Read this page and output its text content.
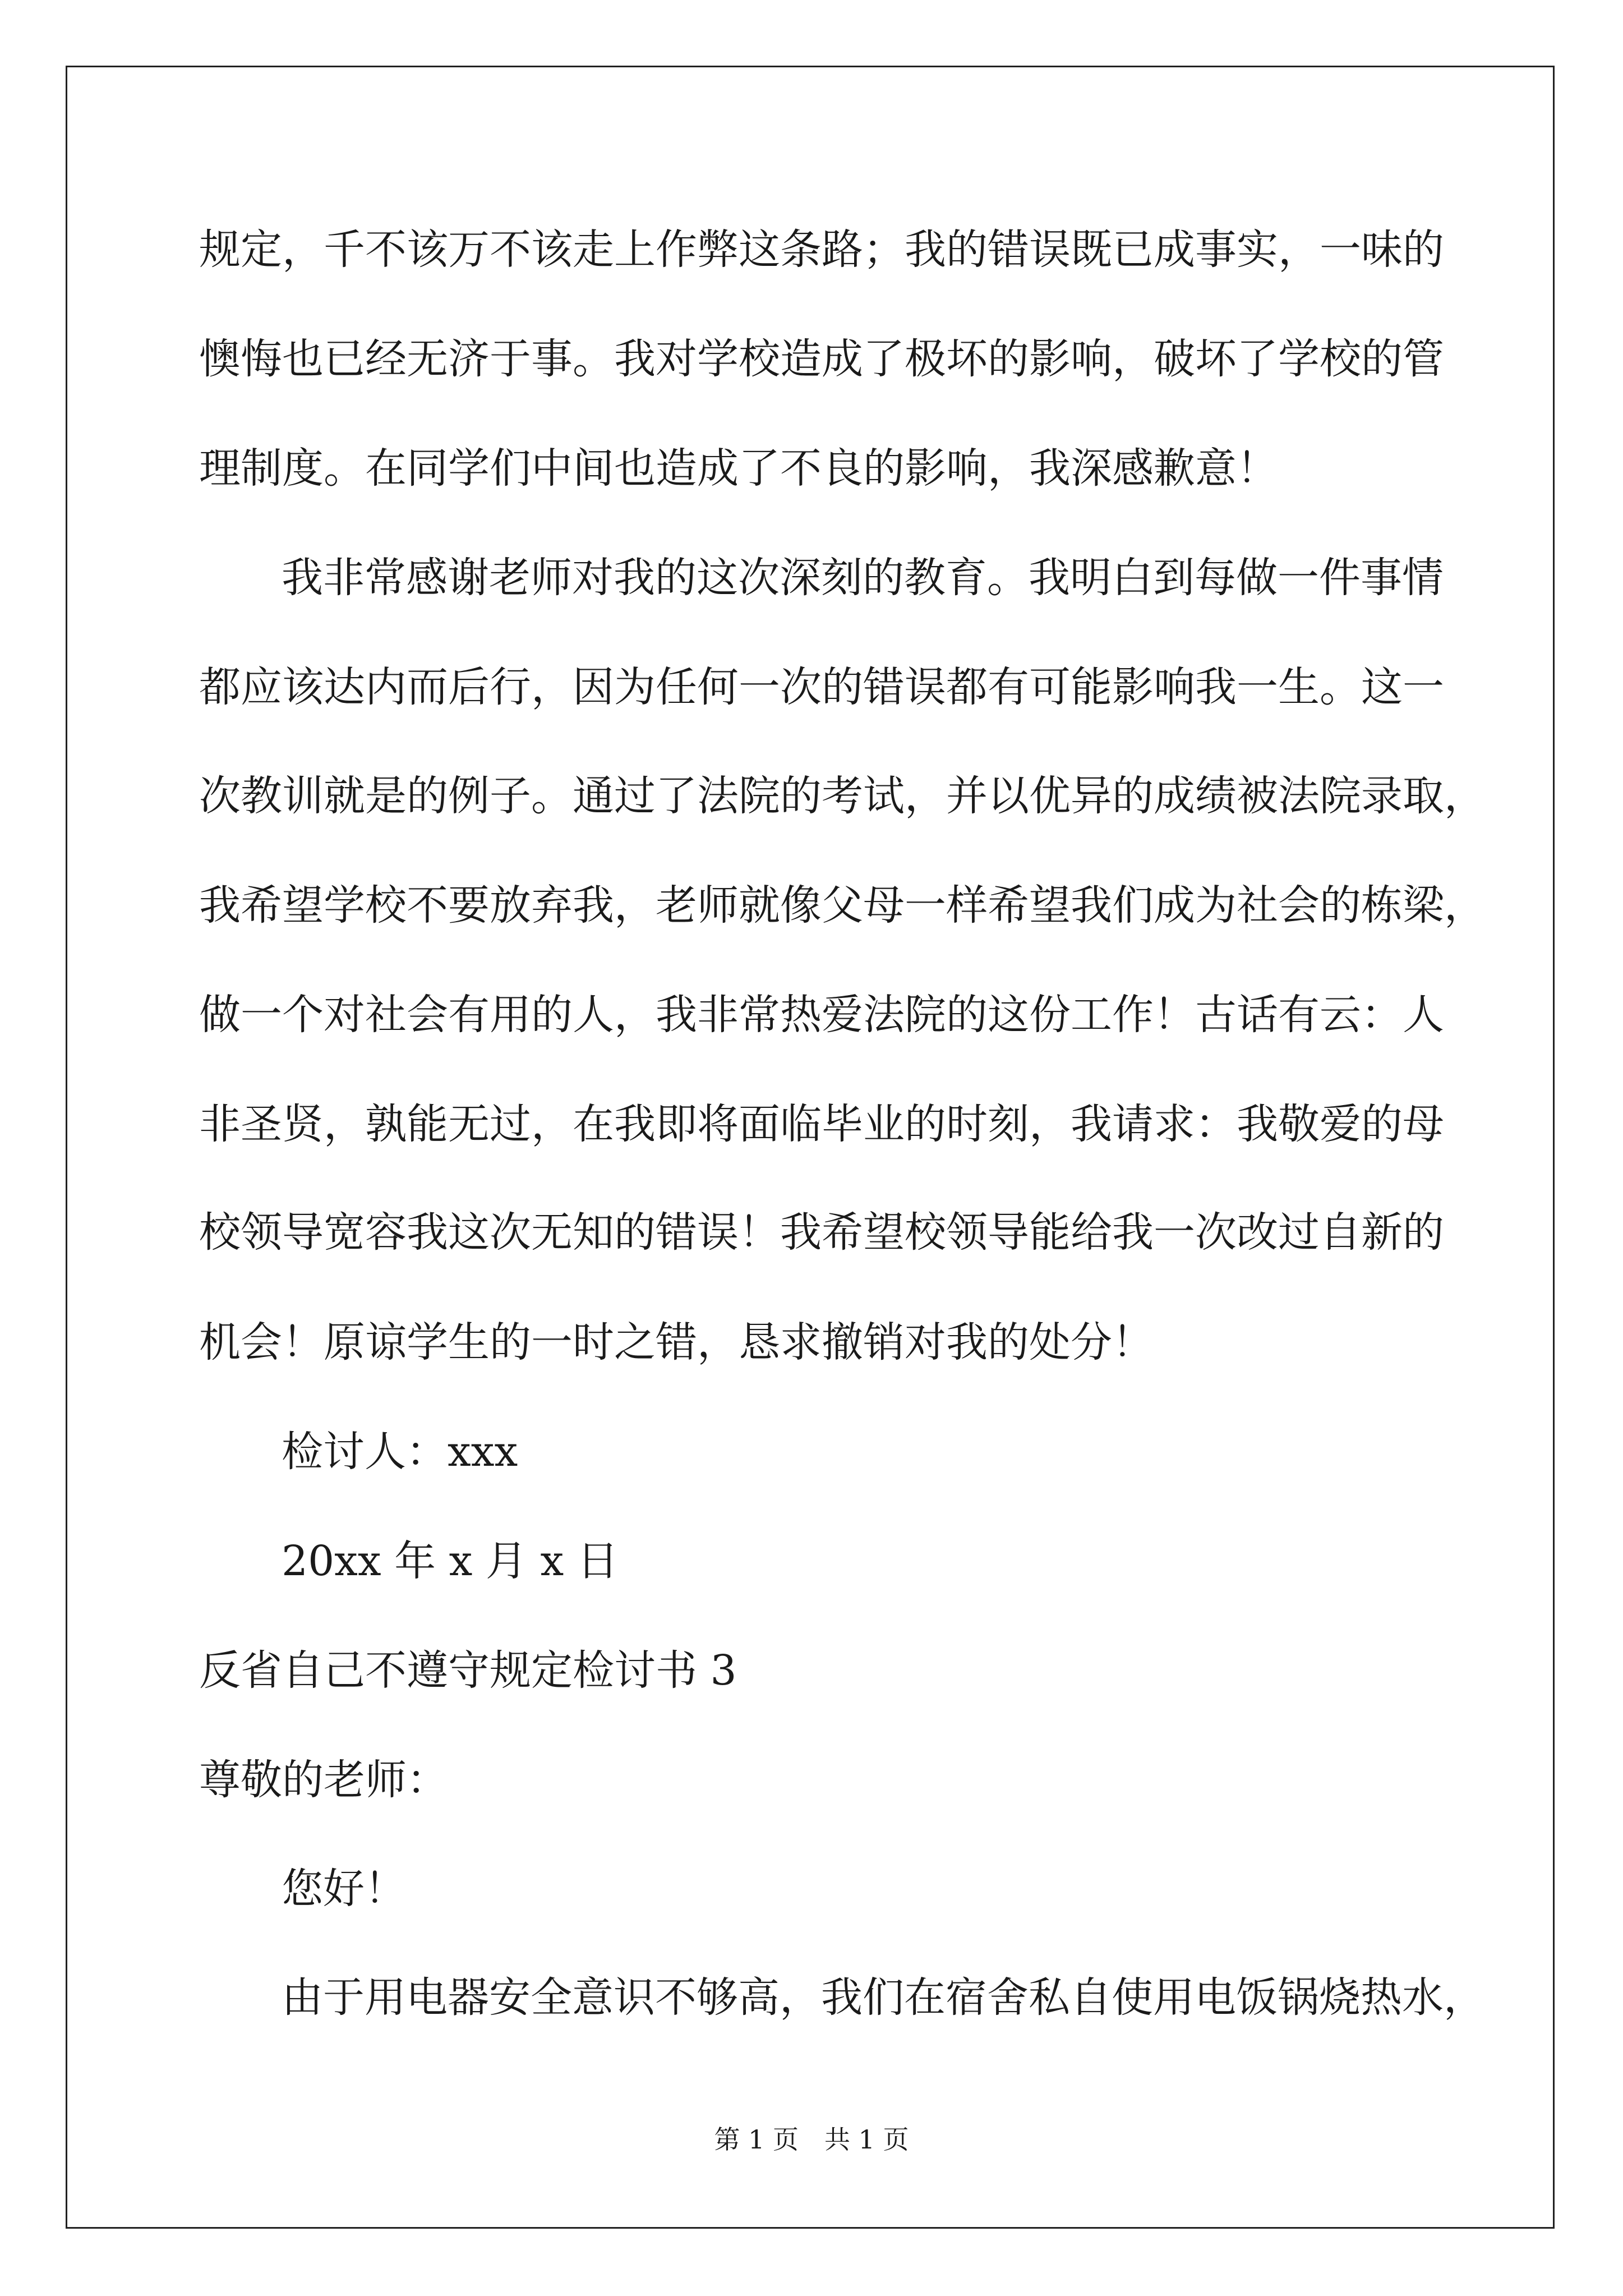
规定，千不该万不该走上作弊这条路；我的错误既已成事实，一味的

懊悔也已经无济于事。我对学校造成了极坏的影响，破坏了学校的管

理制度。在同学们中间也造成了不良的影响，我深感歉意！

我非常感谢老师对我的这次深刻的教育。我明白到每做一件事情

都应该达内而后行，因为任何一次的错误都有可能影响我一生。这一

次教训就是的例子。通过了法院的考试，并以优异的成绩被法院录取，

我希望学校不要放弃我，老师就像父母一样希望我们成为社会的栋梁，

做一个对社会有用的人，我非常热爱法院的这份工作！古话有云：人

非圣贤，孰能无过，在我即将面临毕业的时刻，我请求：我敬爱的母

校领导宽容我这次无知的错误！我希望校领导能给我一次改过自新的

机会！原谅学生的一时之错，恳求撤销对我的处分！

检讨人：xxx

20xx 年 x 月 x 日

反省自己不遵守规定检讨书 3

尊敬的老师：

您好！

由于用电器安全意识不够高，我们在宿舍私自使用电饭锅烧热水，

第 1 页　共 1 页
